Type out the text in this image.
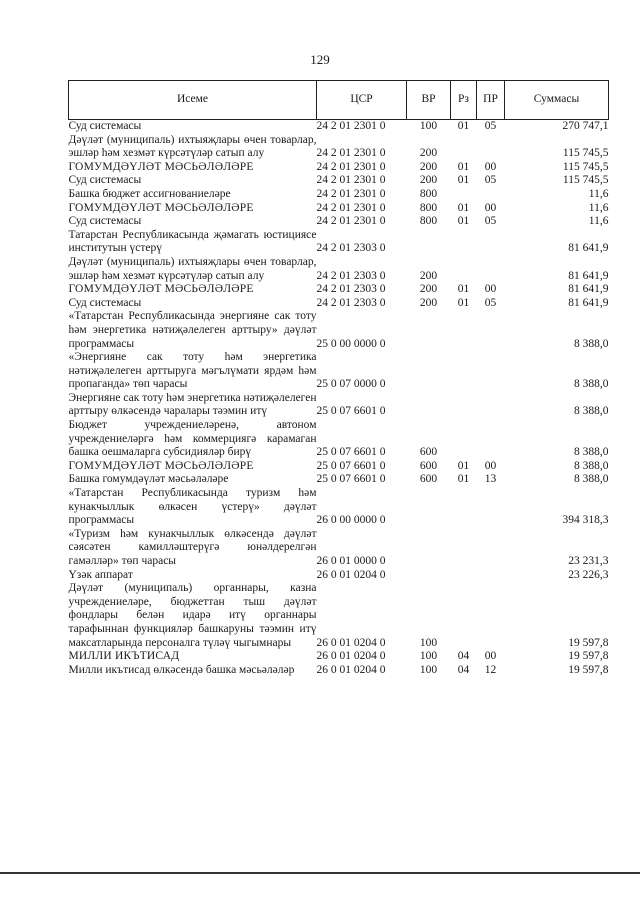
129
Исеме	ЦСР	ВР	Рз	ПР	Суммасы
Суд системасы	24 2 01 2301 0	100	01	05	270 747,1
Дәүләт (муниципаль) ихтыяҗлары өчен товарлар, эшләр һәм хезмәт күрсәтүләр сатып алу	24 2 01 2301 0	200			115 745,5
ГОМУМДӘҮЛӘТ МӘСЬӘЛӘЛӘРЕ	24 2 01 2301 0	200	01	00	115 745,5
Суд системасы	24 2 01 2301 0	200	01	05	115 745,5
Башка бюджет ассигнованиеләре	24 2 01 2301 0	800			11,6
ГОМУМДӘҮЛӘТ МӘСЬӘЛӘЛӘРЕ	24 2 01 2301 0	800	01	00	11,6
Суд системасы	24 2 01 2301 0	800	01	05	11,6
Татарстан Республикасында җәмагать юстициясе институтын үстерү	24 2 01 2303 0				81 641,9
Дәүләт (муниципаль) ихтыяҗлары өчен товарлар, эшләр һәм хезмәт күрсәтүләр сатып алу	24 2 01 2303 0	200			81 641,9
ГОМУМДӘҮЛӘТ МӘСЬӘЛӘЛӘРЕ	24 2 01 2303 0	200	01	00	81 641,9
Суд системасы	24 2 01 2303 0	200	01	05	81 641,9
«Татарстан Республикасында энергияне сак тоту һәм энергетика нәтиҗәлелеген арттыру» дәүләт программасы	25 0 00 0000 0				8 388,0
«Энергияне сак тоту һәм энергетика нәтиҗәлелеген арттыруга мәгълүмати ярдәм һәм пропаганда» төп чарасы	25 0 07 0000 0				8 388,0
Энергияне сак тоту һәм энергетика нәтиҗәлелеген арттыру өлкәсендә чаралары тәэмин итү	25 0 07 6601 0				8 388,0
Бюджет учреждениеләренә, автоном учреждениеләргә һәм коммерциягә карамаган башка оешмаларга субсидияләр бирү	25 0 07 6601 0	600			8 388,0
ГОМУМДӘҮЛӘТ МӘСЬӘЛӘЛӘРЕ	25 0 07 6601 0	600	01	00	8 388,0
Башка гомумдәүләт мәсьәләләре	25 0 07 6601 0	600	01	13	8 388,0
«Татарстан Республикасында туризм һәм кунакчыллык өлкәсен үстерү» дәүләт программасы	26 0 00 0000 0				394 318,3
«Туризм һәм кунакчыллык өлкәсендә дәүләт сәясәтен камилләштерүгә юнәлдерелгән гамәлләр» төп чарасы	26 0 01 0000 0				23 231,3
Үзәк аппарат	26 0 01 0204 0				23 226,3
Дәүләт (муниципаль) органнары, казна учреждениеләре, бюджеттан тыш дәүләт фондлары белән идарә итү органнары тарафыннан функцияләр башкаруны тәэмин итү максатларында персоналга түләү чыгымнары	26 0 01 0204 0	100			19 597,8
МИЛЛИ ИКЪТИСАД	26 0 01 0204 0	100	04	00	19 597,8
Милли икътисад өлкәсендә башка мәсьәләләр	26 0 01 0204 0	100	04	12	19 597,8
